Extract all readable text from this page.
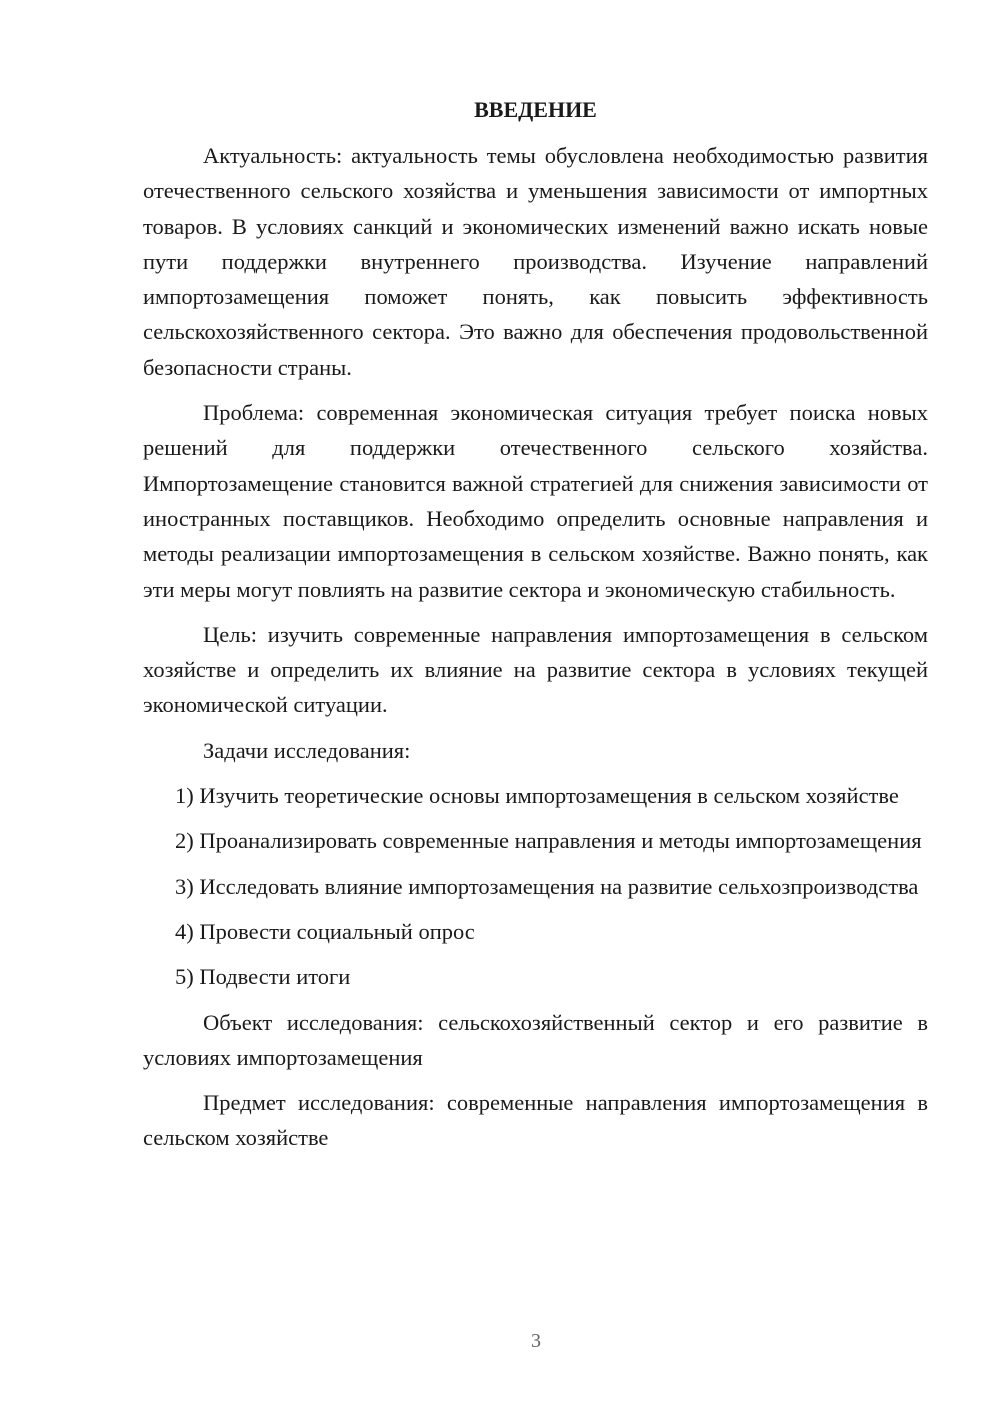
ВВЕДЕНИЕ

Актуальность: актуальность темы обусловлена необходимостью развития отечественного сельского хозяйства и уменьшения зависимости от импортных товаров. В условиях санкций и экономических изменений важно искать новые пути поддержки внутреннего производства. Изучение направлений импортозамещения поможет понять, как повысить эффективность сельскохозяйственного сектора. Это важно для обеспечения продовольственной безопасности страны.

Проблема: современная экономическая ситуация требует поиска новых решений для поддержки отечественного сельского хозяйства. Импортозамещение становится важной стратегией для снижения зависимости от иностранных поставщиков. Необходимо определить основные направления и методы реализации импортозамещения в сельском хозяйстве. Важно понять, как эти меры могут повлиять на развитие сектора и экономическую стабильность.

Цель: изучить современные направления импортозамещения в сельском хозяйстве и определить их влияние на развитие сектора в условиях текущей экономической ситуации.

Задачи исследования:

1) Изучить теоретические основы импортозамещения в сельском хозяйстве

2) Проанализировать современные направления и методы импортозамещения

3) Исследовать влияние импортозамещения на развитие сельхозпроизводства

4) Провести социальный опрос

5) Подвести итоги

Объект исследования: сельскохозяйственный сектор и его развитие в условиях импортозамещения

Предмет исследования: современные направления импортозамещения в сельском хозяйстве

3
